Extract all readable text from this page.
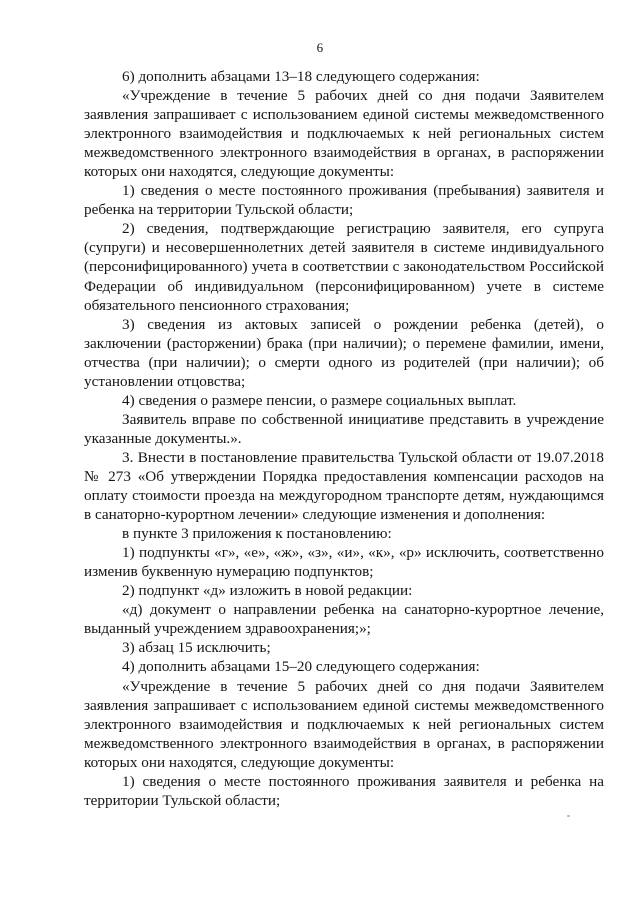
6

6) дополнить абзацами 13–18 следующего содержания:

«Учреждение в течение 5 рабочих дней со дня подачи Заявителем заявления запрашивает с использованием единой системы межведомственного электронного взаимодействия и подключаемых к ней региональных систем межведомственного электронного взаимодействия в органах, в распоряжении которых они находятся, следующие документы:

1) сведения о месте постоянного проживания (пребывания) заявителя и ребенка на территории Тульской области;

2) сведения, подтверждающие регистрацию заявителя, его супруга (супруги) и несовершеннолетних детей заявителя в системе индивидуального (персонифицированного) учета в соответствии с законодательством Российской Федерации об индивидуальном (персонифицированном) учете в системе обязательного пенсионного страхования;

3) сведения из актовых записей о рождении ребенка (детей), о заключении (расторжении) брака (при наличии); о перемене фамилии, имени, отчества (при наличии); о смерти одного из родителей (при наличии); об установлении отцовства;

4) сведения о размере пенсии, о размере социальных выплат.

Заявитель вправе по собственной инициативе представить в учреждение указанные документы.».

3. Внести в постановление правительства Тульской области от 19.07.2018 № 273 «Об утверждении Порядка предоставления компенсации расходов на оплату стоимости проезда на междугородном транспорте детям, нуждающимся в санаторно-курортном лечении» следующие изменения и дополнения:

в пункте 3 приложения к постановлению:

1) подпункты «г», «е», «ж», «з», «и», «к», «р» исключить, соответственно изменив буквенную нумерацию подпунктов;

2) подпункт «д» изложить в новой редакции:

«д) документ о направлении ребенка на санаторно-курортное лечение, выданный учреждением здравоохранения;»;

3) абзац 15 исключить;

4) дополнить абзацами 15–20 следующего содержания:

«Учреждение в течение 5 рабочих дней со дня подачи Заявителем заявления запрашивает с использованием единой системы межведомственного электронного взаимодействия и подключаемых к ней региональных систем межведомственного электронного взаимодействия в органах, в распоряжении которых они находятся, следующие документы:

1) сведения о месте постоянного проживания заявителя и ребенка на территории Тульской области;
